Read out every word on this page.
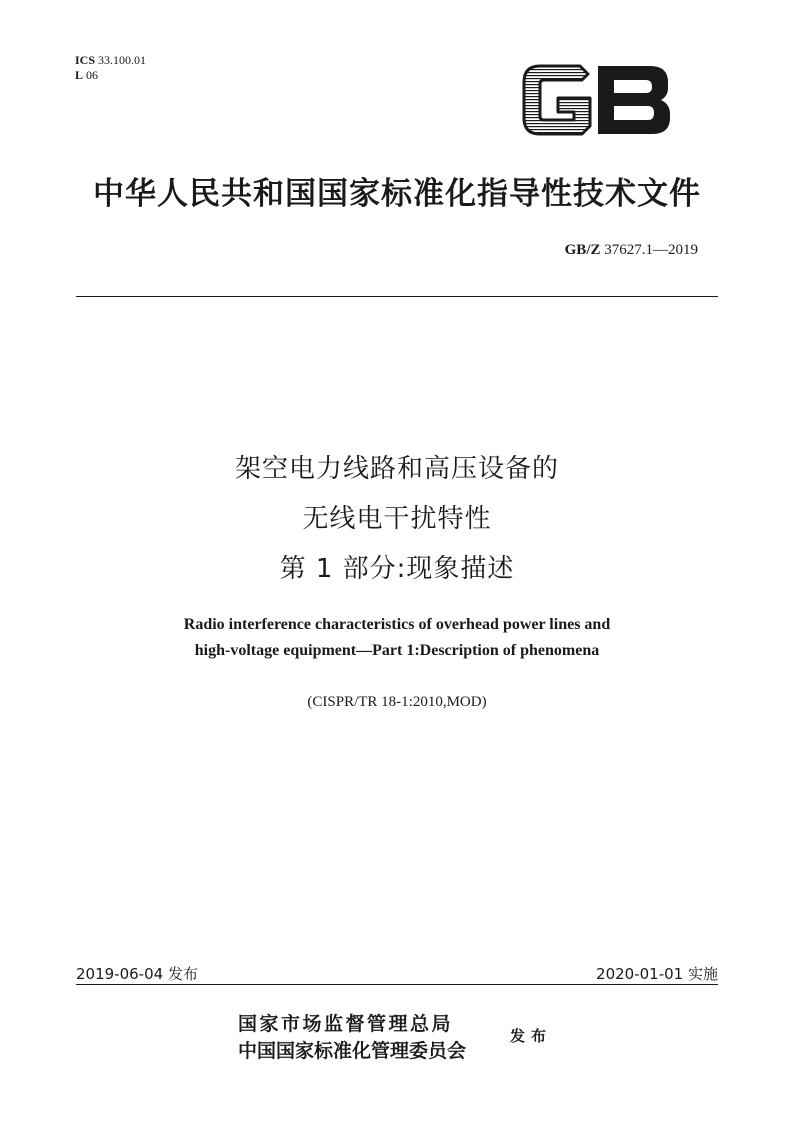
ICS 33.100.01
L 06
中华人民共和国国家标准化指导性技术文件
GB/Z 37627.1—2019
架空电力线路和高压设备的
无线电干扰特性
第 1 部分:现象描述
Radio interference characteristics of overhead power lines and
high-voltage equipment—Part 1:Description of phenomena
(CISPR/TR 18-1:2010,MOD)
2019-06-04 发布	2020-01-01 实施
国家市场监督管理总局
中国国家标准化管理委员会
发布
